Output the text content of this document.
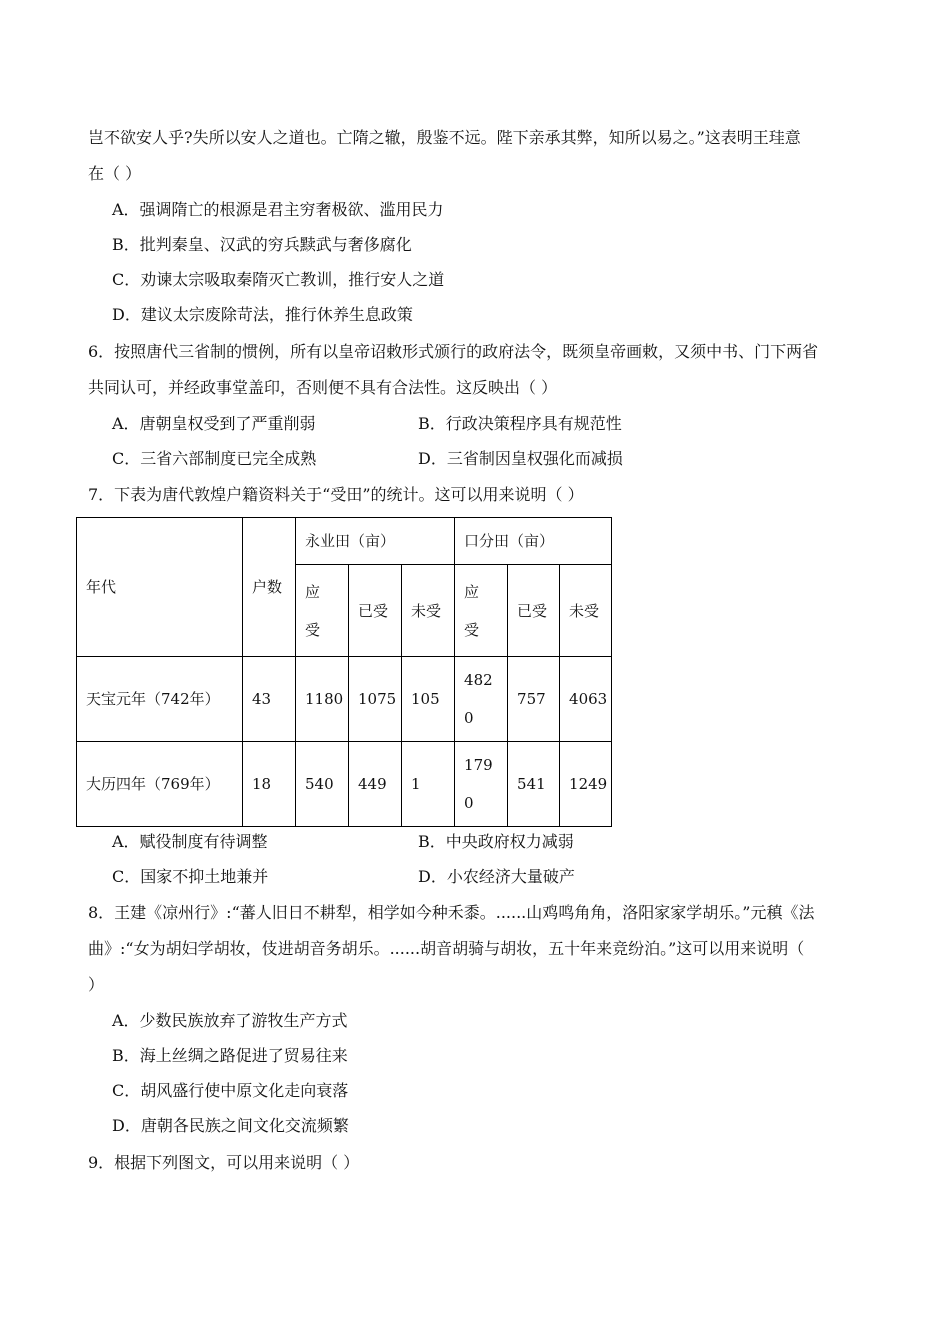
岂不欲安人乎?失所以安人之道也。亡隋之辙，殷鉴不远。陛下亲承其弊，知所以易之。”这表明王珪意
在（ ）
A．强调隋亡的根源是君主穷奢极欲、滥用民力
B．批判秦皇、汉武的穷兵黩武与奢侈腐化
C．劝谏太宗吸取秦隋灭亡教训，推行安人之道
D．建议太宗废除苛法，推行休养生息政策
6．按照唐代三省制的惯例，所有以皇帝诏敕形式颁行的政府法令，既须皇帝画敕，又须中书、门下两省
共同认可，并经政事堂盖印，否则便不具有合法性。这反映出（ ）
A．唐朝皇权受到了严重削弱	B．行政决策程序具有规范性
C．三省六部制度已完全成熟	D．三省制因皇权强化而减损
7．下表为唐代敦煌户籍资料关于“受田”的统计。这可以用来说明（ ）
年代	户数	永业田（亩）			口分田（亩）		

		应受	已受	未受	应受	已受	未受
天宝元年（742年）	43	1180	1075	105	4820	757	4063
大历四年（769年）	18	540	449	1	1790	541	1249
A．赋役制度有待调整	B．中央政府权力减弱
C．国家不抑土地兼并	D．小农经济大量破产
8．王建《凉州行》:“蕃人旧日不耕犁，相学如今种禾黍。......山鸡鸣角角，洛阳家家学胡乐。”元稹《法
曲》:“女为胡妇学胡妆，伎进胡音务胡乐。......胡音胡骑与胡妆，五十年来竞纷泊。”这可以用来说明（
）
A．少数民族放弃了游牧生产方式
B．海上丝绸之路促进了贸易往来
C．胡风盛行使中原文化走向衰落
D．唐朝各民族之间文化交流频繁
9．根据下列图文，可以用来说明（ ）
